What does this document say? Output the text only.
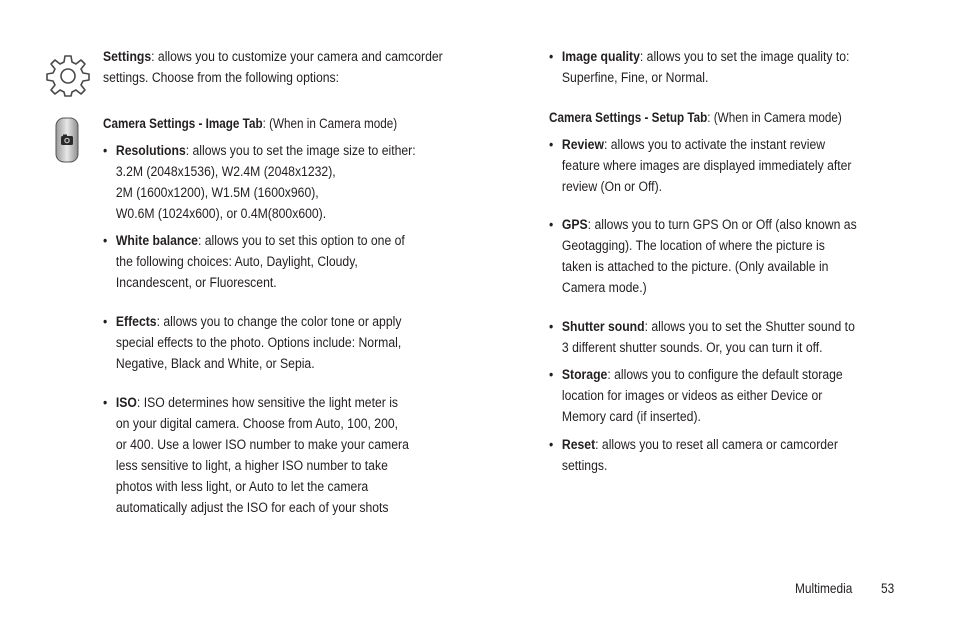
Settings: allows you to customize your camera and camcorder settings. Choose from the following options:
Camera Settings - Image Tab: (When in Camera mode)
• Resolutions: allows you to set the image size to either:
3.2M (2048x1536), W2.4M (2048x1232),
2M (1600x1200), W1.5M (1600x960),
W0.6M (1024x600), or 0.4M(800x600).
• White balance: allows you to set this option to one of
the following choices: Auto, Daylight, Cloudy,
Incandescent, or Fluorescent.
• Effects: allows you to change the color tone or apply
special effects to the photo. Options include: Normal,
Negative, Black and White, or Sepia.
• ISO: ISO determines how sensitive the light meter is
on your digital camera. Choose from Auto, 100, 200,
or 400. Use a lower ISO number to make your camera
less sensitive to light, a higher ISO number to take
photos with less light, or Auto to let the camera
automatically adjust the ISO for each of your shots
• Image quality: allows you to set the image quality to:
Superfine, Fine, or Normal.
Camera Settings - Setup Tab: (When in Camera mode)
• Review: allows you to activate the instant review
feature where images are displayed immediately after
review (On or Off).
• GPS: allows you to turn GPS On or Off (also known as
Geotagging). The location of where the picture is
taken is attached to the picture. (Only available in
Camera mode.)
• Shutter sound: allows you to set the Shutter sound to
3 different shutter sounds. Or, you can turn it off.
• Storage: allows you to configure the default storage
location for images or videos as either Device or
Memory card (if inserted).
• Reset: allows you to reset all camera or camcorder
settings.
Multimedia 53
